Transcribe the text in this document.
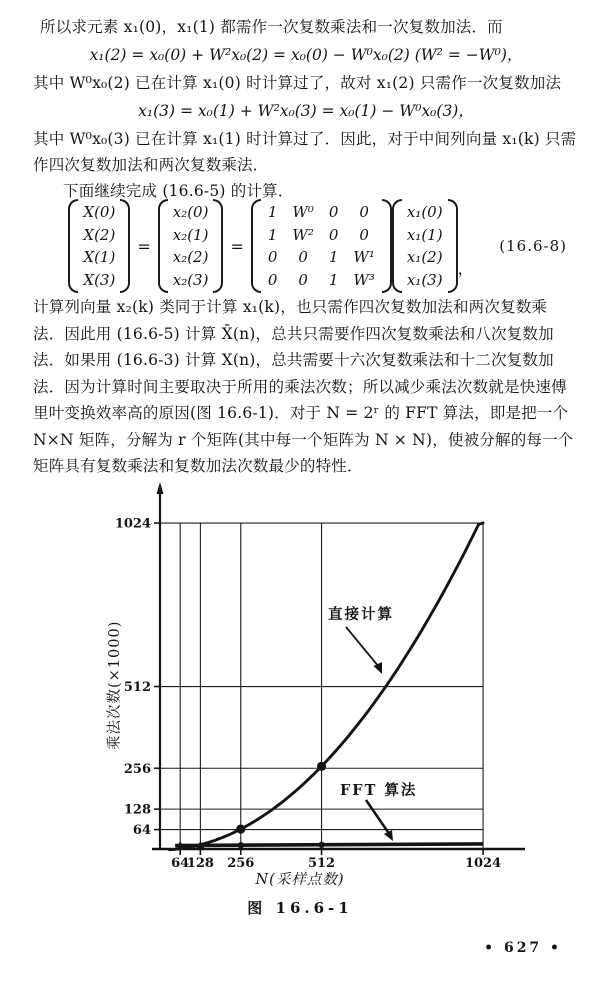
所以求元素 x₁(0)，x₁(1) 都需作一次复数乘法和一次复数加法．而
x₁(2) = x₀(0) + W²x₀(2) = x₀(0) − W⁰x₀(2) (W² = −W⁰)，
其中 W⁰x₀(2) 已在计算 x₁(0) 时计算过了，故对 x₁(2) 只需作一次复数加法
x₁(3) = x₀(1) + W²x₀(3) = x₀(1) − W⁰x₀(3)，
其中 W⁰x₀(3) 已在计算 x₁(1) 时计算过了．因此，对于中间列向量 x₁(k) 只需
作四次复数加法和两次复数乘法．
下面继续完成 (16.6-5) 的计算．
X(0)
X(2)
X(1)
X(3)
=
x₂(0)
x₂(1)
x₂(2)
x₂(3)
=
1 W⁰ 0	0
1 W² 0	0
0	0	1 W¹
0	0	1 W³
x₁(0)
x₁(1)
x₁(2)
x₁(3)
，
(16.6-8)
计算列向量 x₂(k) 类同于计算 x₁(k)，也只需作四次复数加法和两次复数乘
法．因此用 (16.6-5) 计算 X̄(n)，总共只需要作四次复数乘法和八次复数加
法．如果用 (16.6-3) 计算 X(n)，总共需要十六次复数乘法和十二次复数加
法．因为计算时间主要取决于所用的乘法次数；所以减少乘法次数就是快速傅
里叶变换效率高的原因(图 16.6-1)．对于 N = 2ʳ 的 FFT 算法，即是把一个
N×N 矩阵，分解为 r 个矩阵(其中每一个矩阵为 N × N)，使被分解的每一个
矩阵具有复数乘法和复数加法次数最少的特性．
64
128 256	512	1024
64
128
256
512
1024
直接计算
FFT 算法
N(采样点数)
乘法次数(×1000)
图 16.6-1
• 627 •
